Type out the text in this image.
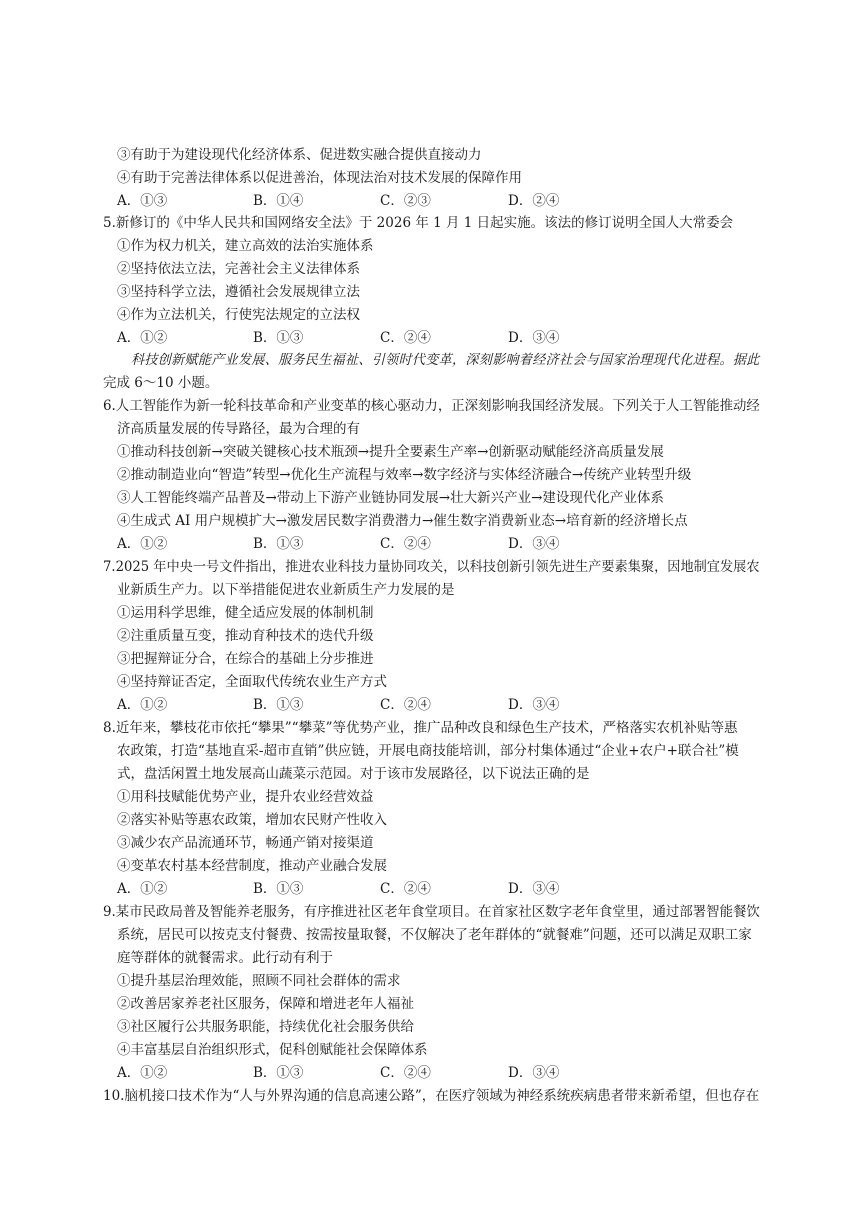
③有助于为建设现代化经济体系、促进数实融合提供直接动力
④有助于完善法律体系以促进善治，体现法治对技术发展的保障作用
A．①③	B．①④	C．②③	D．②④
5.新修订的《中华人民共和国网络安全法》于 2026 年 1 月 1 日起实施。该法的修订说明全国人大常委会
①作为权力机关，建立高效的法治实施体系
②坚持依法立法，完善社会主义法律体系
③坚持科学立法，遵循社会发展规律立法
④作为立法机关，行使宪法规定的立法权
A．①②	B．①③	C．②④	D．③④
科技创新赋能产业发展、服务民生福祉、引领时代变革，深刻影响着经济社会与国家治理现代化进程。据此
完成 6～10 小题。
6.人工智能作为新一轮科技革命和产业变革的核心驱动力，正深刻影响我国经济发展。下列关于人工智能推动经
济高质量发展的传导路径，最为合理的有
①推动科技创新→突破关键核心技术瓶颈→提升全要素生产率→创新驱动赋能经济高质量发展
②推动制造业向“智造”转型→优化生产流程与效率→数字经济与实体经济融合→传统产业转型升级
③人工智能终端产品普及→带动上下游产业链协同发展→壮大新兴产业→建设现代化产业体系
④生成式 AI 用户规模扩大→激发居民数字消费潜力→催生数字消费新业态→培育新的经济增长点
A．①②	B．①③	C．②④	D．③④
7.2025 年中央一号文件指出，推进农业科技力量协同攻关，以科技创新引领先进生产要素集聚，因地制宜发展农
业新质生产力。以下举措能促进农业新质生产力发展的是
①运用科学思维，健全适应发展的体制机制
②注重质量互变，推动育种技术的迭代升级
③把握辩证分合，在综合的基础上分步推进
④坚持辩证否定，全面取代传统农业生产方式
A．①②	B．①③	C．②④	D．③④
8.近年来，攀枝花市依托“攀果”“攀菜”等优势产业，推广品种改良和绿色生产技术，严格落实农机补贴等惠
农政策，打造“基地直采-超市直销”供应链，开展电商技能培训，部分村集体通过“企业+农户+联合社”模
式，盘活闲置土地发展高山蔬菜示范园。对于该市发展路径，以下说法正确的是
①用科技赋能优势产业，提升农业经营效益
②落实补贴等惠农政策，增加农民财产性收入
③减少农产品流通环节，畅通产销对接渠道
④变革农村基本经营制度，推动产业融合发展
A．①②	B．①③	C．②④	D．③④
9.某市民政局普及智能养老服务，有序推进社区老年食堂项目。在首家社区数字老年食堂里，通过部署智能餐饮
系统，居民可以按克支付餐费、按需按量取餐，不仅解决了老年群体的“就餐难”问题，还可以满足双职工家
庭等群体的就餐需求。此行动有利于
①提升基层治理效能，照顾不同社会群体的需求
②改善居家养老社区服务，保障和增进老年人福祉
③社区履行公共服务职能，持续优化社会服务供给
④丰富基层自治组织形式，促科创赋能社会保障体系
A．①②	B．①③	C．②④	D．③④
10.脑机接口技术作为“人与外界沟通的信息高速公路”，在医疗领域为神经系统疾病患者带来新希望，但也存在
